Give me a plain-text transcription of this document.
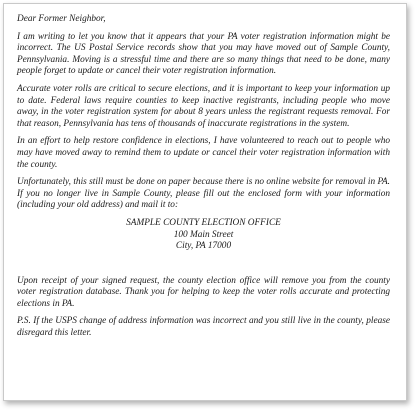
Dear Former Neighbor,

I am writing to let you know that it appears that your PA voter registration information might be incorrect. The US Postal Service records show that you may have moved out of Sample County, Pennsylvania. Moving is a stressful time and there are so many things that need to be done, many people forget to update or cancel their voter registration information.

Accurate voter rolls are critical to secure elections, and it is important to keep your information up to date. Federal laws require counties to keep inactive registrants, including people who move away, in the voter registration system for about 8 years unless the registrant requests removal. For that reason, Pennsylvania has tens of thousands of inaccurate registrations in the system.

In an effort to help restore confidence in elections, I have volunteered to reach out to people who may have moved away to remind them to update or cancel their voter registration information with the county.

Unfortunately, this still must be done on paper because there is no online website for removal in PA. If you no longer live in Sample County, please fill out the enclosed form with your information (including your old address) and mail it to:

SAMPLE COUNTY ELECTION OFFICE
100 Main Street
City, PA 17000

Upon receipt of your signed request, the county election office will remove you from the county voter registration database. Thank you for helping to keep the voter rolls accurate and protecting elections in PA.

P.S. If the USPS change of address information was incorrect and you still live in the county, please disregard this letter.
